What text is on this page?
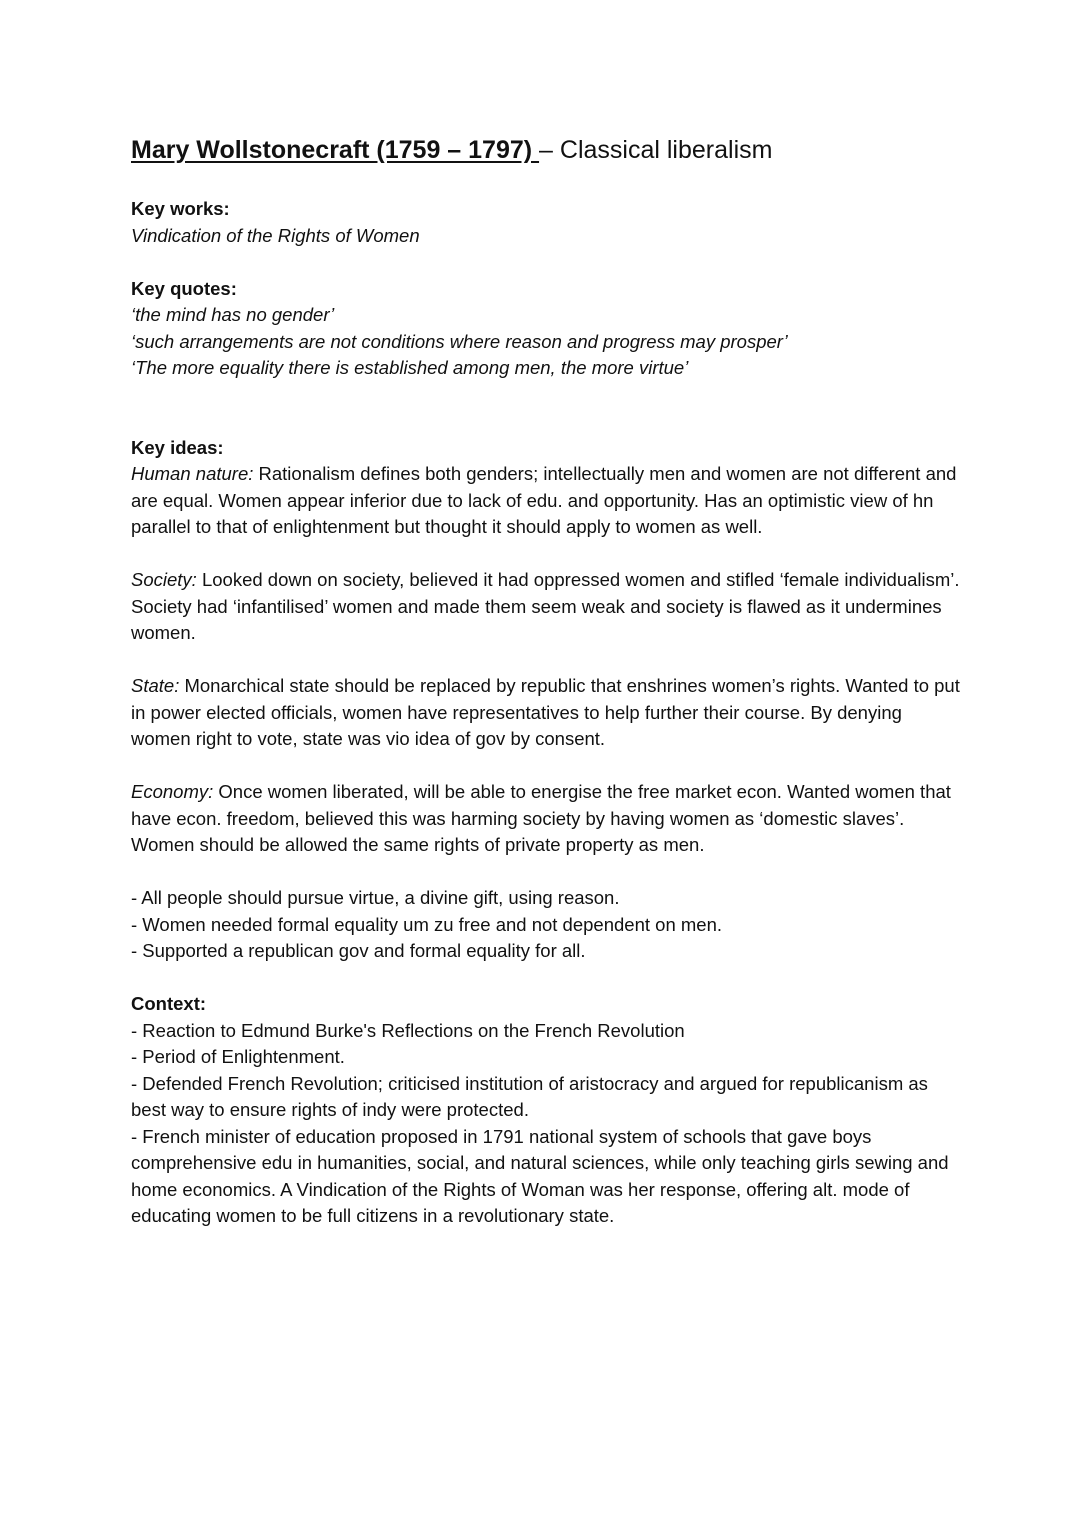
Mary Wollstonecraft (1759 – 1797) – Classical liberalism

Key works:

Vindication of the Rights of Women

Key quotes:

‘the mind has no gender’

‘such arrangements are not conditions where reason and progress may prosper’

‘The more equality there is established among men, the more virtue’

Key ideas:

Human nature: Rationalism defines both genders; intellectually men and women are not different and are equal. Women appear inferior due to lack of edu. and opportunity. Has an optimistic view of hn parallel to that of enlightenment but thought it should apply to women as well.

Society: Looked down on society, believed it had oppressed women and stifled ‘female individualism’. Society had ‘infantilised’ women and made them seem weak and society is flawed as it undermines women.

State: Monarchical state should be replaced by republic that enshrines women’s rights. Wanted to put in power elected officials, women have representatives to help further their course. By denying women right to vote, state was vio idea of gov by consent.

Economy: Once women liberated, will be able to energise the free market econ. Wanted women that have econ. freedom, believed this was harming society by having women as ‘domestic slaves’. Women should be allowed the same rights of private property as men.

- All people should pursue virtue, a divine gift, using reason.

- Women needed formal equality um zu free and not dependent on men.

- Supported a republican gov and formal equality for all.

Context:

- Reaction to Edmund Burke's Reflections on the French Revolution

- Period of Enlightenment.

- Defended French Revolution; criticised institution of aristocracy and argued for republicanism as best way to ensure rights of indy were protected.

- French minister of education proposed in 1791 national system of schools that gave boys comprehensive edu in humanities, social, and natural sciences, while only teaching girls sewing and home economics. A Vindication of the Rights of Woman was her response, offering alt. mode of educating women to be full citizens in a revolutionary state.
